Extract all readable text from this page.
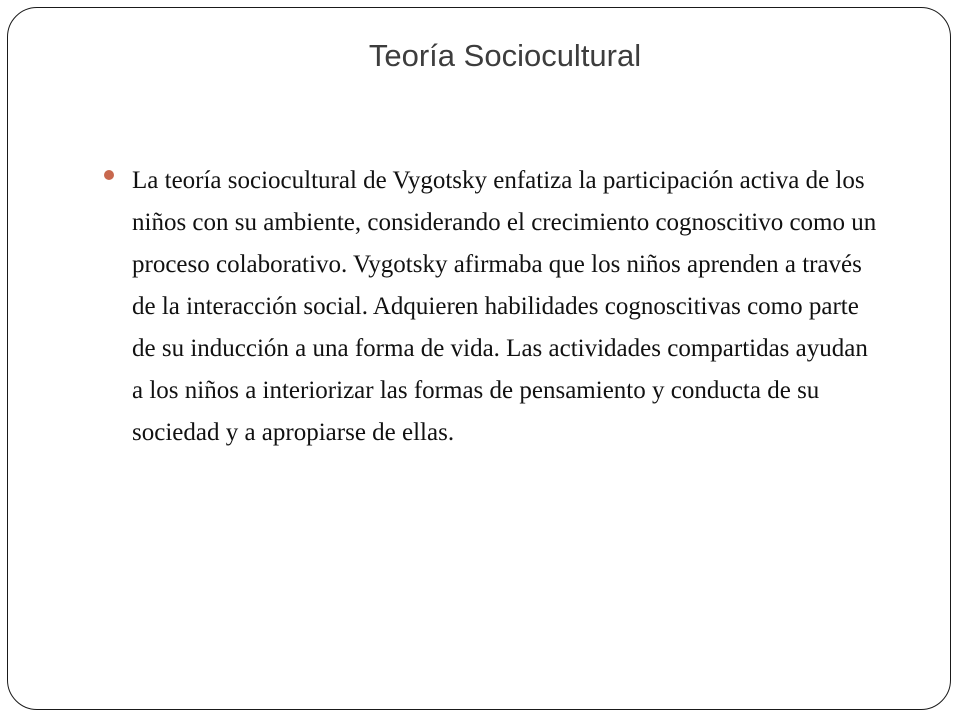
Teoría Sociocultural

La teoría sociocultural de Vygotsky enfatiza la participación activa de los niños con su ambiente, considerando el crecimiento cognoscitivo como un proceso colaborativo. Vygotsky afirmaba que los niños aprenden a través de la interacción social. Adquieren habilidades cognoscitivas como parte de su inducción a una forma de vida. Las actividades compartidas ayudan a los niños a interiorizar las formas de pensamiento y conducta de su sociedad y a apropiarse de ellas.
